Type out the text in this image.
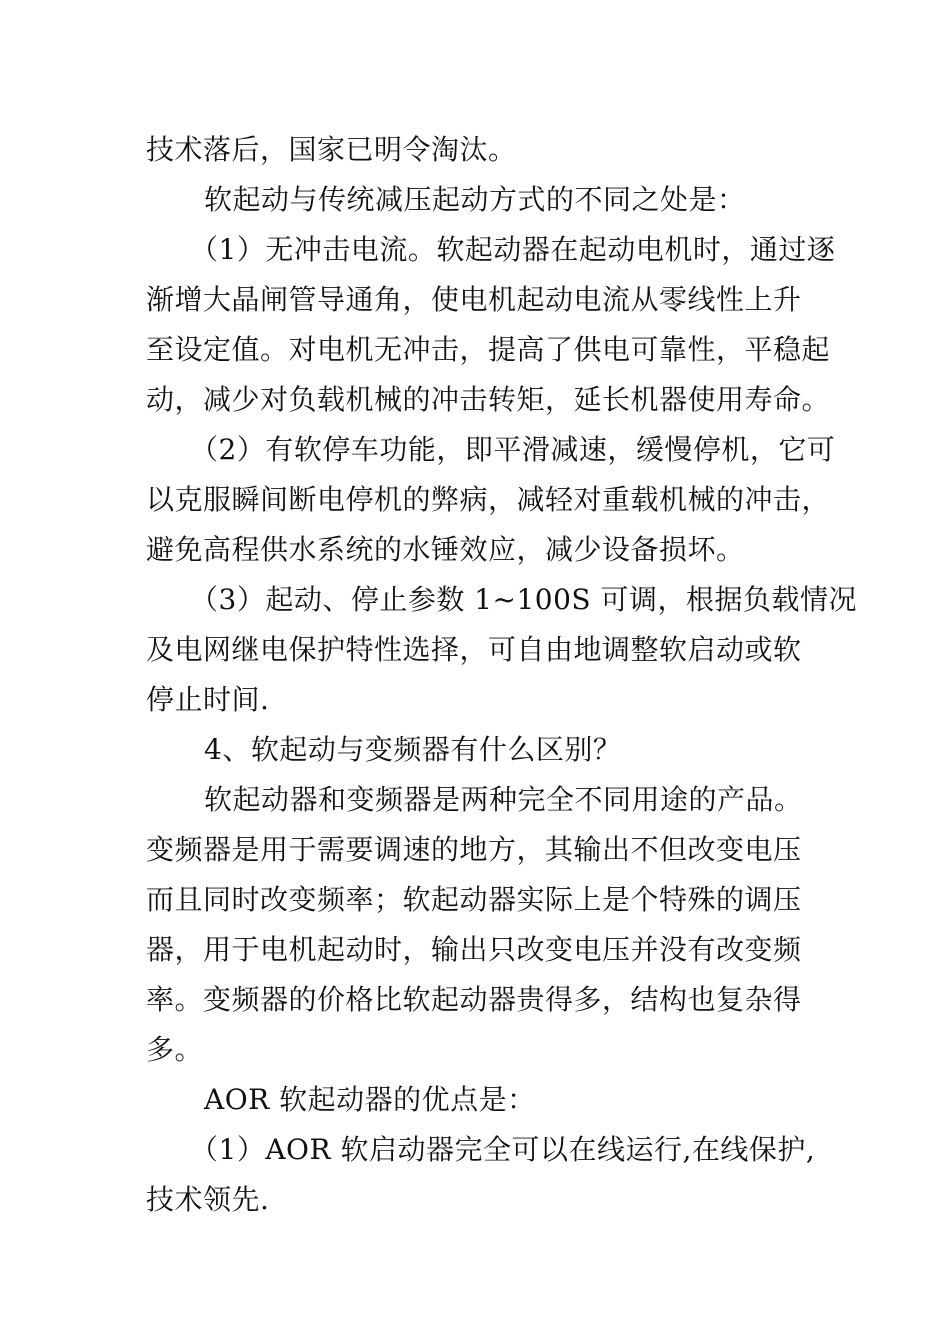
技术落后，国家已明令淘汰。
软起动与传统减压起动方式的不同之处是：
（1）无冲击电流。软起动器在起动电机时，通过逐
渐增大晶闸管导通角，使电机起动电流从零线性上升
至设定值。对电机无冲击，提高了供电可靠性，平稳起
动，减少对负载机械的冲击转矩，延长机器使用寿命。
（2）有软停车功能，即平滑减速，缓慢停机，它可
以克服瞬间断电停机的弊病，减轻对重载机械的冲击，
避免高程供水系统的水锤效应，减少设备损坏。
（3）起动、停止参数 1~100S 可调，根据负载情况
及电网继电保护特性选择，可自由地调整软启动或软
停止时间.
4、软起动与变频器有什么区别？
软起动器和变频器是两种完全不同用途的产品。
变频器是用于需要调速的地方，其输出不但改变电压
而且同时改变频率；软起动器实际上是个特殊的调压
器，用于电机起动时，输出只改变电压并没有改变频
率。变频器的价格比软起动器贵得多，结构也复杂得
多。
AOR 软起动器的优点是：
（1）AOR 软启动器完全可以在线运行,在线保护,
技术领先.
